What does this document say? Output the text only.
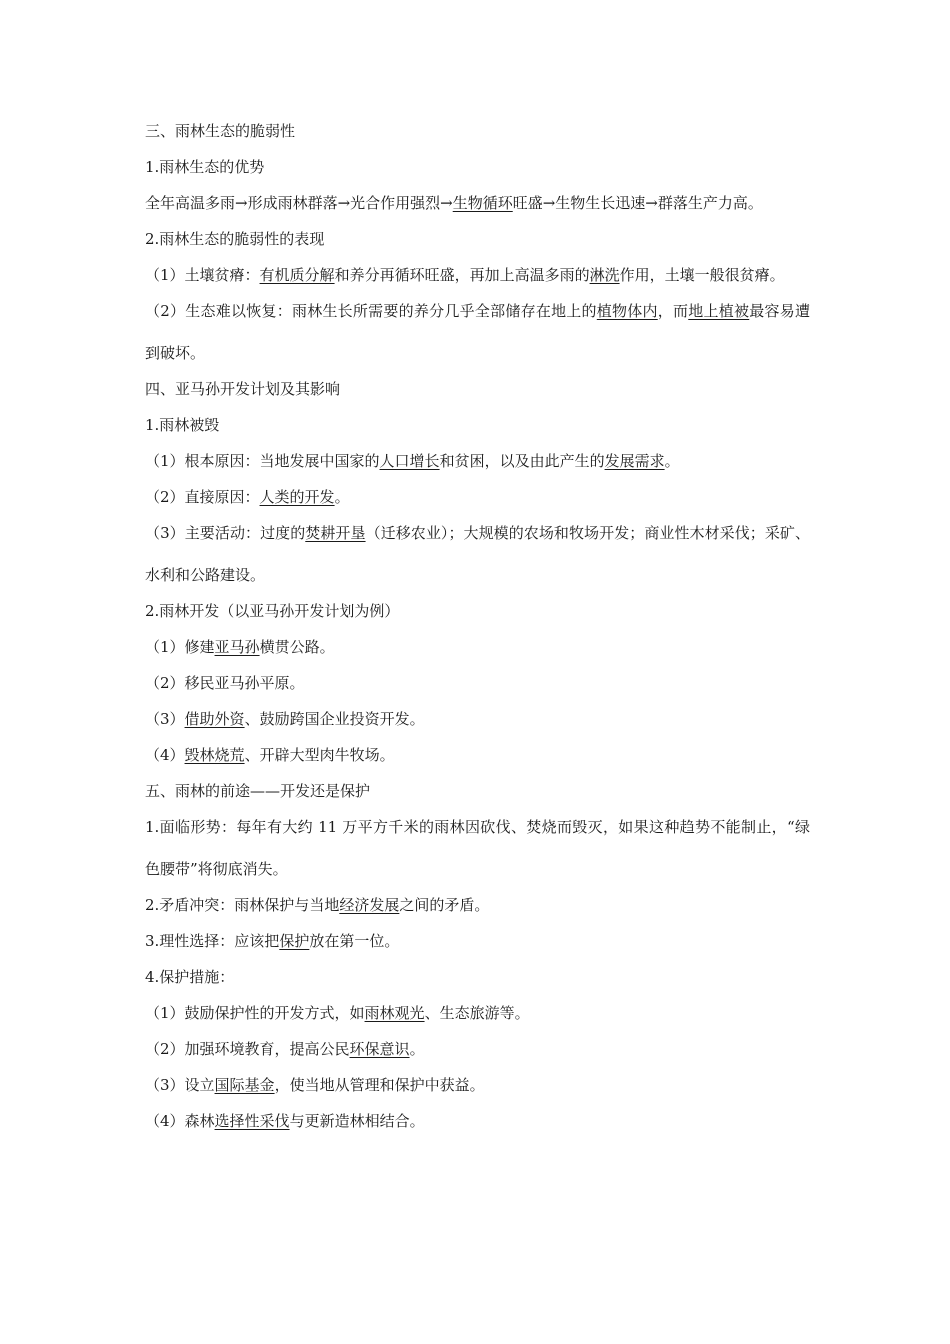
三、雨林生态的脆弱性

1.雨林生态的优势

全年高温多雨→形成雨林群落→光合作用强烈→生物循环旺盛→生物生长迅速→群落生产力高。

2.雨林生态的脆弱性的表现

（1）土壤贫瘠：有机质分解和养分再循环旺盛，再加上高温多雨的淋洗作用，土壤一般很贫瘠。

（2）生态难以恢复：雨林生长所需要的养分几乎全部储存在地上的植物体内，而地上植被最容易遭到破坏。

四、亚马孙开发计划及其影响

1.雨林被毁

（1）根本原因：当地发展中国家的人口增长和贫困，以及由此产生的发展需求。

（2）直接原因：人类的开发。

（3）主要活动：过度的焚耕开垦（迁移农业）；大规模的农场和牧场开发；商业性木材采伐；采矿、水利和公路建设。

2.雨林开发（以亚马孙开发计划为例）

（1）修建亚马孙横贯公路。

（2）移民亚马孙平原。

（3）借助外资、鼓励跨国企业投资开发。

（4）毁林烧荒、开辟大型肉牛牧场。

五、雨林的前途——开发还是保护

1.面临形势：每年有大约 11 万平方千米的雨林因砍伐、焚烧而毁灭，如果这种趋势不能制止，“绿色腰带”将彻底消失。

2.矛盾冲突：雨林保护与当地经济发展之间的矛盾。

3.理性选择：应该把保护放在第一位。

4.保护措施：

（1）鼓励保护性的开发方式，如雨林观光、生态旅游等。

（2）加强环境教育，提高公民环保意识。

（3）设立国际基金，使当地从管理和保护中获益。

（4）森林选择性采伐与更新造林相结合。
